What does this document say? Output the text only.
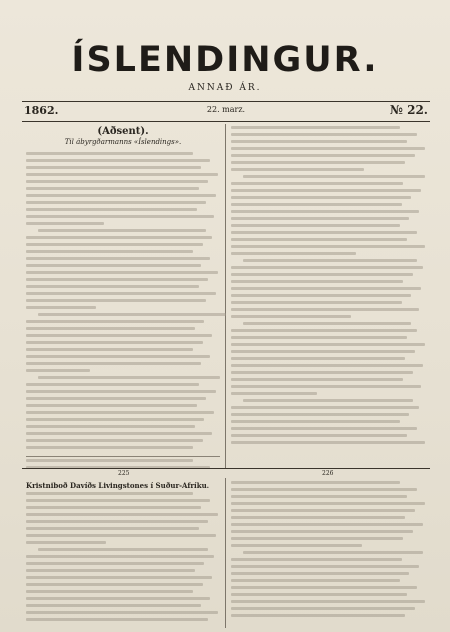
ÍSLENDINGUR.
ANNAÐ ÁR.
1862.	22. marz.	№ 22.
(Aðsent).
Til ábyrgðarmanns «Íslendings».
225	226
Kristniboð Davíðs Livingstones í Suður-Afríku.
